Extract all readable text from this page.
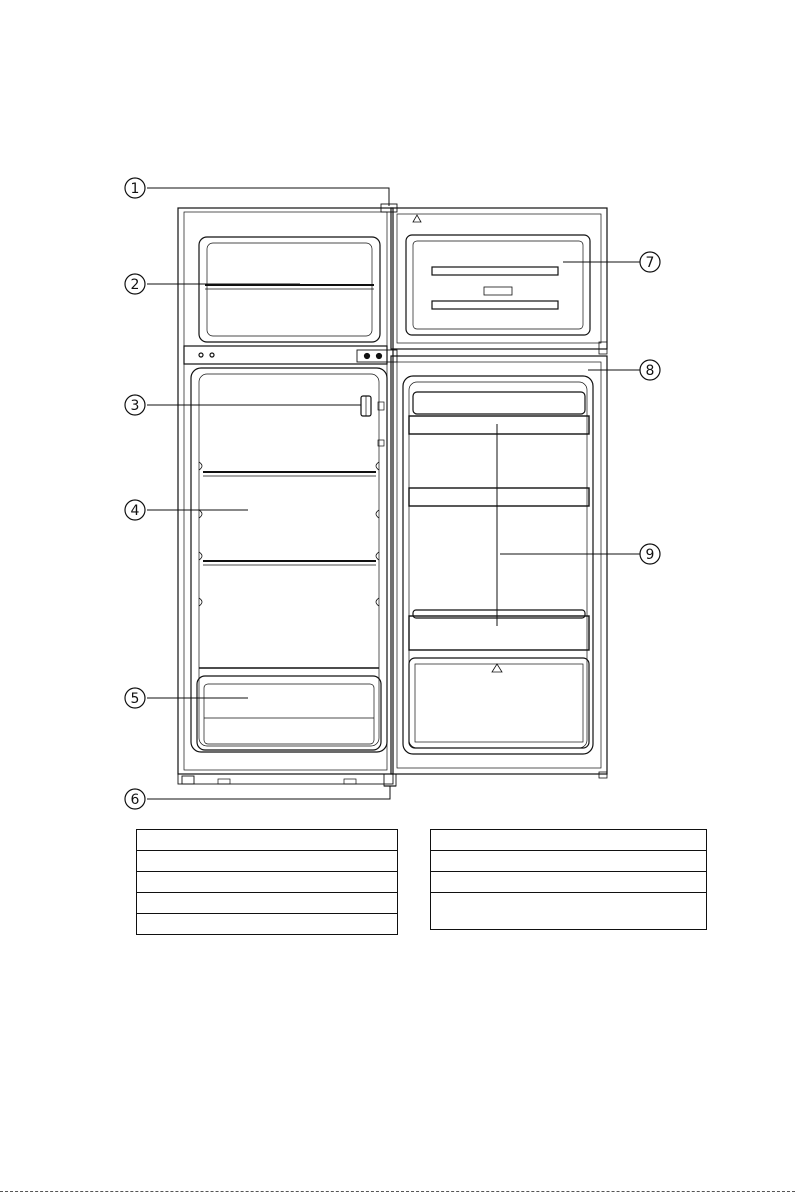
1
2
3
4
5
6
7
8
9
